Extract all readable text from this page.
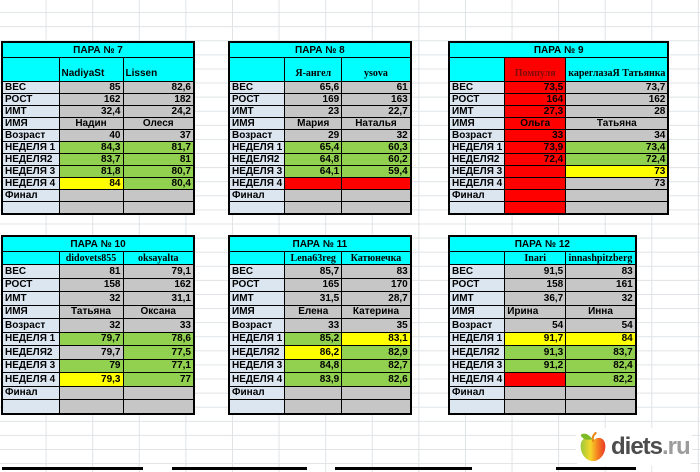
diets .ru
ПАРА № 7		
	NadiyaSt	Lissen
ВЕС	85	82,6
РОСТ	162	182
ИМТ	32,4	24,2
ИМЯ	Надин	Олеся
Возраст	40	37
НЕДЕЛЯ 1	84,3	81,7
НЕДЕЛЯ2	83,7	81
НЕДЕЛЯ 3	81,8	80,7
НЕДЕЛЯ 4	84	80,4
Финал		

ПАРА № 8		
	Я-ангел	ysova
ВЕС	65,6	61
РОСТ	169	163
ИМТ	23	22,7
ИМЯ	Мария	Наталья
Возраст	29	32
НЕДЕЛЯ 1	65,4	60,3
НЕДЕЛЯ2	64,8	60,2
НЕДЕЛЯ 3	64,1	59,4
НЕДЕЛЯ 4		
Финал		

ПАРА № 9		
	Помпуля	кареглазаЯ Татьянка
ВЕС	73,5	73,7
РОСТ	164	162
ИМТ	27,3	28
ИМЯ	Ольга	Татьяна
Возраст	33	34
НЕДЕЛЯ 1	73,9	73,4
НЕДЕЛЯ2	72,4	72,4
НЕДЕЛЯ 3		73
НЕДЕЛЯ 4		73
Финал		

ПАРА № 10		
	didovets855	oksayalta
ВЕС	81	79,1
РОСТ	158	162
ИМТ	32	31,1
ИМЯ	Татьяна	Оксана
Возраст	32	33
НЕДЕЛЯ 1	79,7	78,6
НЕДЕЛЯ2	79,7	77,5
НЕДЕЛЯ 3	79	77,1
НЕДЕЛЯ 4	79,3	77
Финал		

ПАРА № 11		
	Lena63reg	Катюнечка
ВЕС	85,7	83
РОСТ	165	170
ИМТ	31,5	28,7
ИМЯ	Елена	Катерина
Возраст	33	35
НЕДЕЛЯ 1	85,2	83,1
НЕДЕЛЯ2	86,2	82,9
НЕДЕЛЯ 3	84,8	82,7
НЕДЕЛЯ 4	83,9	82,6
Финал		

ПАРА № 12		
	Inari	innashpitzberg
ВЕС	91,5	83
РОСТ	158	161
ИМТ	36,7	32
ИМЯ	Ирина	Инна
Возраст	54	54
НЕДЕЛЯ 1	91,7	84
НЕДЕЛЯ2	91,3	83,7
НЕДЕЛЯ 3	91,2	82,4
НЕДЕЛЯ 4		82,2
Финал		
